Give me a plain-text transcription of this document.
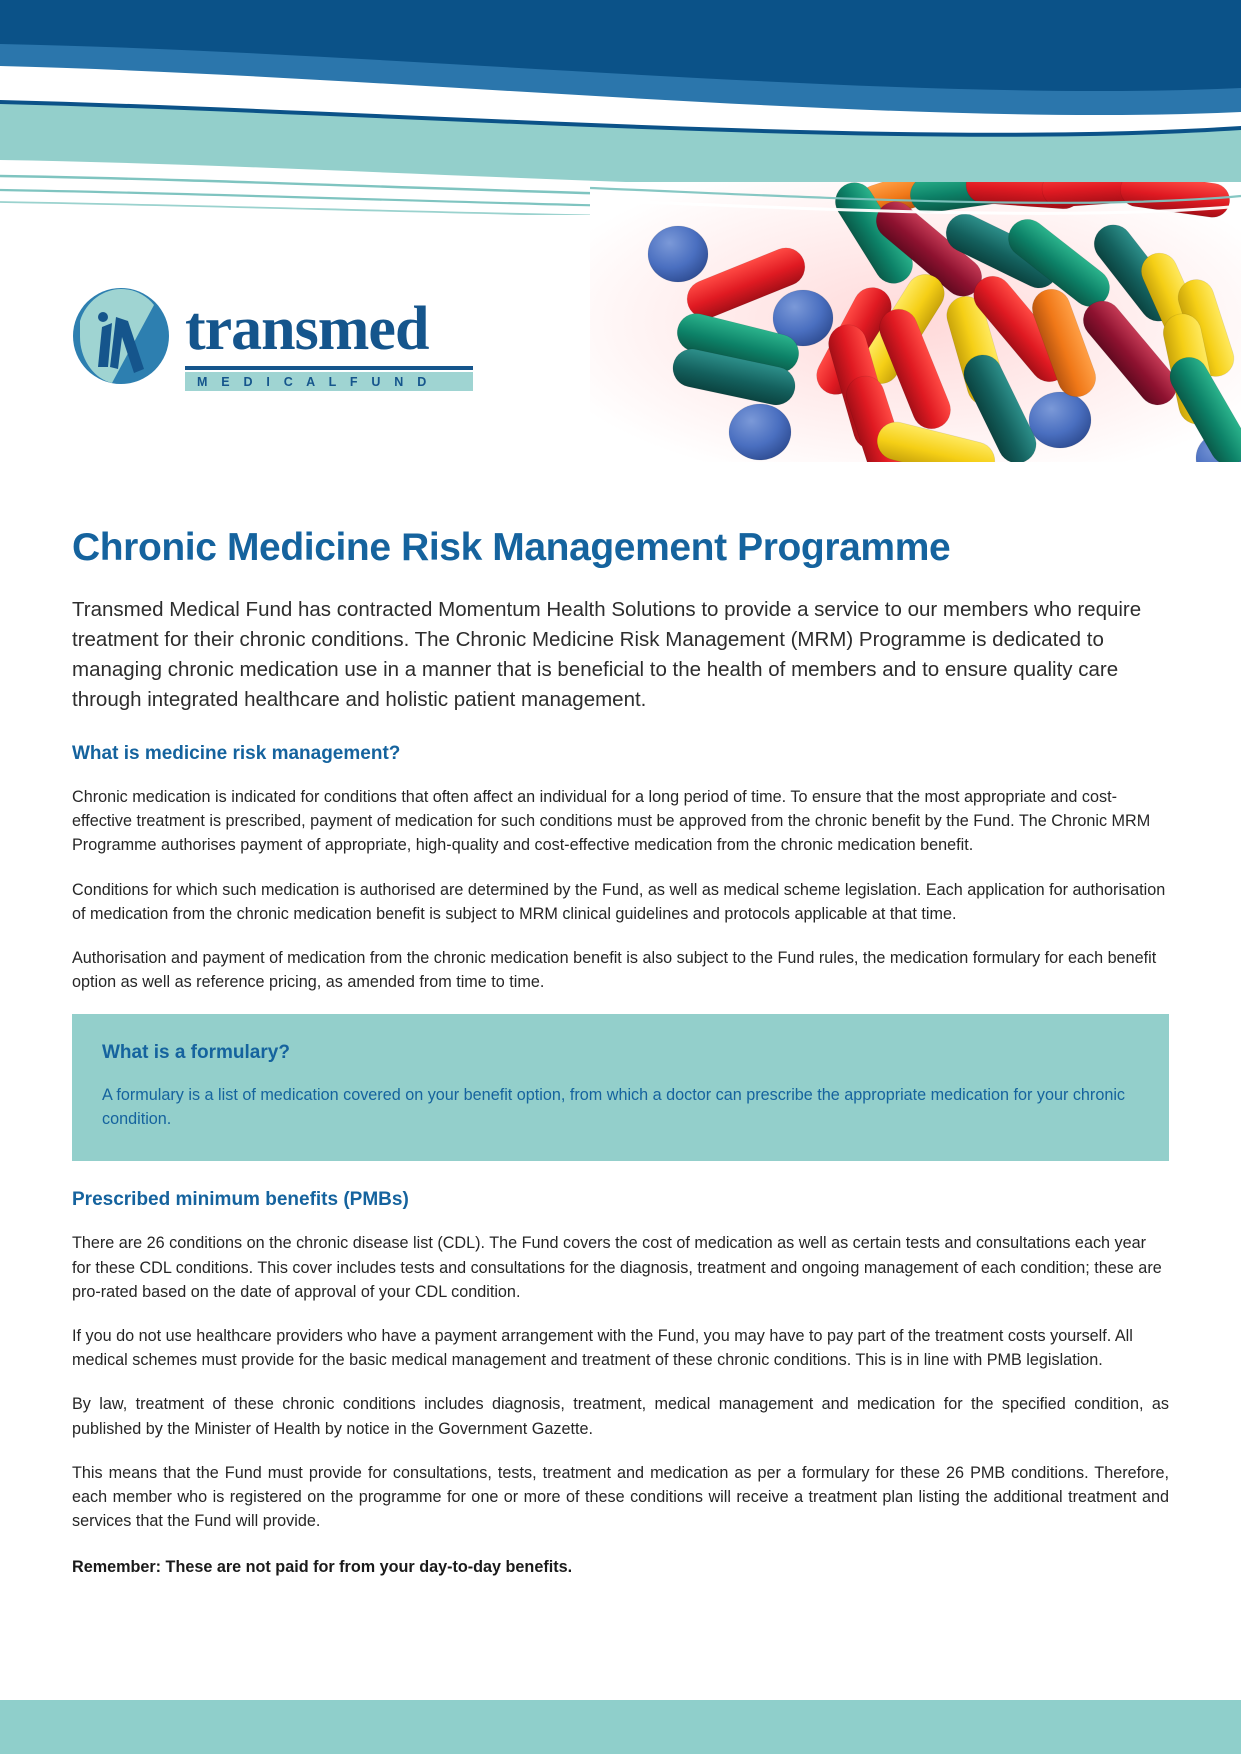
transmed
M E D I C A L F U N D
Chronic Medicine Risk Management Programme

Transmed Medical Fund has contracted Momentum Health Solutions to provide a service to our members who require treatment for their chronic conditions. The Chronic Medicine Risk Management (MRM) Programme is dedicated to managing chronic medication use in a manner that is beneficial to the health of members and to ensure quality care through integrated healthcare and holistic patient management.

What is medicine risk management?

Chronic medication is indicated for conditions that often affect an individual for a long period of time. To ensure that the most appropriate and cost-effective treatment is prescribed, payment of medication for such conditions must be approved from the chronic benefit by the Fund. The Chronic MRM Programme authorises payment of appropriate, high-quality and cost-effective medication from the chronic medication benefit.

Conditions for which such medication is authorised are determined by the Fund, as well as medical scheme legislation. Each application for authorisation of medication from the chronic medication benefit is subject to MRM clinical guidelines and protocols applicable at that time.

Authorisation and payment of medication from the chronic medication benefit is also subject to the Fund rules, the medication formulary for each benefit option as well as reference pricing, as amended from time to time.

What is a formulary?
A formulary is a list of medication covered on your benefit option, from which a doctor can prescribe the appropriate medication for your chronic condition.
Prescribed minimum benefits (PMBs)

There are 26 conditions on the chronic disease list (CDL). The Fund covers the cost of medication as well as certain tests and consultations each year for these CDL conditions. This cover includes tests and consultations for the diagnosis, treatment and ongoing management of each condition; these are pro-rated based on the date of approval of your CDL condition.

If you do not use healthcare providers who have a payment arrangement with the Fund, you may have to pay part of the treatment costs yourself. All medical schemes must provide for the basic medical management and treatment of these chronic conditions. This is in line with PMB legislation.

By law, treatment of these chronic conditions includes diagnosis, treatment, medical management and medication for the specified condition, as published by the Minister of Health by notice in the Government Gazette.

This means that the Fund must provide for consultations, tests, treatment and medication as per a formulary for these 26 PMB conditions. Therefore, each member who is registered on the programme for one or more of these conditions will receive a treatment plan listing the additional treatment and services that the Fund will provide.

Remember: These are not paid for from your day-to-day benefits.
